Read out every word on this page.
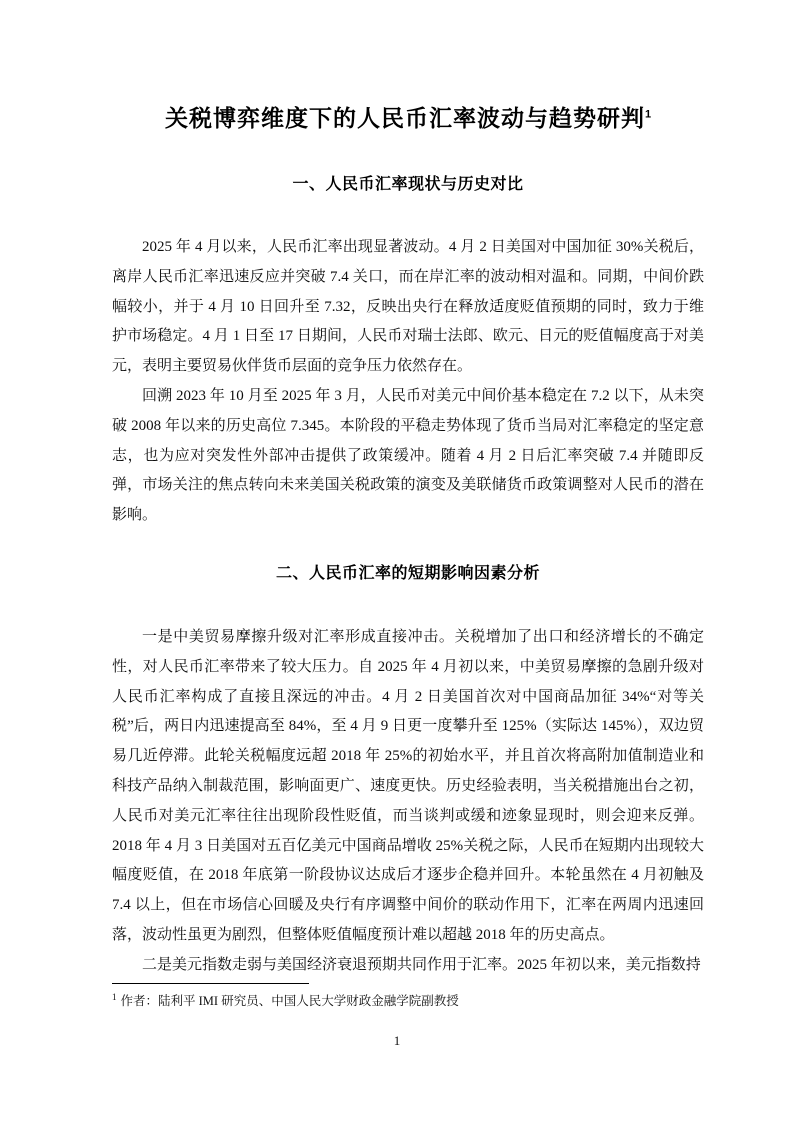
关税博弈维度下的人民币汇率波动与趋势研判$^1$
一、人民币汇率现状与历史对比

2025 年 4 月以来，人民币汇率出现显著波动。4 月 2 日美国对中国加征 30%关税后，离岸人民币汇率迅速反应并突破 7.4 关口，而在岸汇率的波动相对温和。同期，中间价跌幅较小，并于 4 月 10 日回升至 7.32，反映出央行在释放适度贬值预期的同时，致力于维护市场稳定。4 月 1 日至 17 日期间，人民币对瑞士法郎、欧元、日元的贬值幅度高于对美元，表明主要贸易伙伴货币层面的竞争压力依然存在。

回溯 2023 年 10 月至 2025 年 3 月，人民币对美元中间价基本稳定在 7.2 以下，从未突破 2008 年以来的历史高位 7.345。本阶段的平稳走势体现了货币当局对汇率稳定的坚定意志，也为应对突发性外部冲击提供了政策缓冲。随着 4 月 2 日后汇率突破 7.4 并随即反弹，市场关注的焦点转向未来美国关税政策的演变及美联储货币政策调整对人民币的潜在影响。

二、人民币汇率的短期影响因素分析

一是中美贸易摩擦升级对汇率形成直接冲击。关税增加了出口和经济增长的不确定性，对人民币汇率带来了较大压力。自 2025 年 4 月初以来，中美贸易摩擦的急剧升级对人民币汇率构成了直接且深远的冲击。4 月 2 日美国首次对中国商品加征 34%“对等关税”后，两日内迅速提高至 84%，至 4 月 9 日更一度攀升至 125%（实际达 145%），双边贸易几近停滞。此轮关税幅度远超 2018 年 25%的初始水平，并且首次将高附加值制造业和科技产品纳入制裁范围，影响面更广、速度更快。历史经验表明，当关税措施出台之初，人民币对美元汇率往往出现阶段性贬值，而当谈判或缓和迹象显现时，则会迎来反弹。2018 年 4 月 3 日美国对五百亿美元中国商品增收 25%关税之际，人民币在短期内出现较大幅度贬值，在 2018 年底第一阶段协议达成后才逐步企稳并回升。本轮虽然在 4 月初触及 7.4 以上，但在市场信心回暖及央行有序调整中间价的联动作用下，汇率在两周内迅速回落，波动性虽更为剧烈，但整体贬值幅度预计难以超越 2018 年的历史高点。

二是美元指数走弱与美国经济衰退预期共同作用于汇率。2025 年初以来，美元指数持

$^1$ 作者：陆利平 IMI 研究员、中国人民大学财政金融学院副教授
1
